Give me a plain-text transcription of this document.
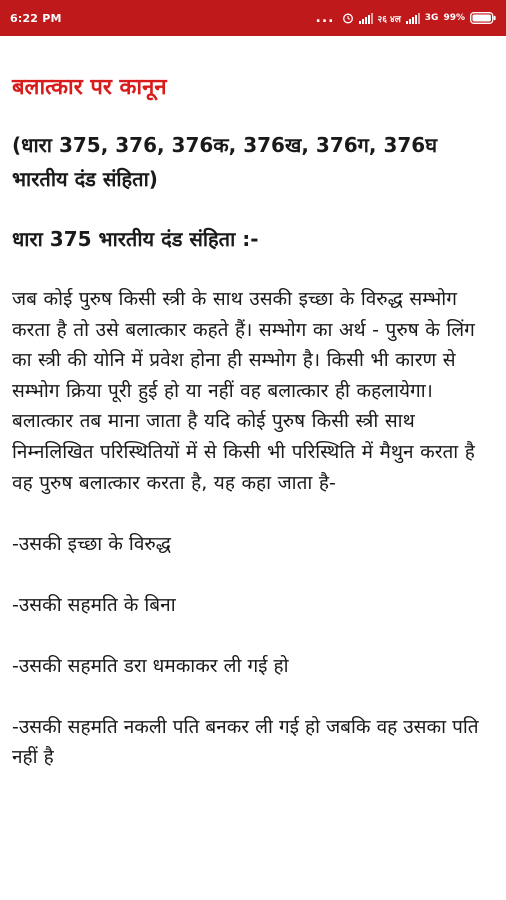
6:22 PM	...	२६ ४ल	3G 99%
बलात्कार पर कानून
(धारा 375, 376, 376क, 376ख, 376ग, 376घ भारतीय दंड संहिता)
धारा 375 भारतीय दंड संहिता :-
जब कोई पुरुष किसी स्त्री के साथ उसकी इच्छा के विरुद्ध सम्भोग करता है तो उसे बलात्कार कहते हैं। सम्भोग का अर्थ - पुरुष के लिंग का स्त्री की योनि में प्रवेश होना ही सम्भोग है। किसी भी कारण से सम्भोग क्रिया पूरी हुई हो या नहीं वह बलात्कार ही कहलायेगा। बलात्कार तब माना जाता है यदि कोई पुरुष किसी स्त्री साथ निम्नलिखित परिस्थितियों में से किसी भी परिस्थिति में मैथुन करता है वह पुरुष बलात्कार करता है, यह कहा जाता है-
-उसकी इच्छा के विरुद्ध
-उसकी सहमति के बिना
-उसकी सहमति डरा धमकाकर ली गई हो
-उसकी सहमति नकली पति बनकर ली गई हो जबकि वह उसका पति नहीं है
